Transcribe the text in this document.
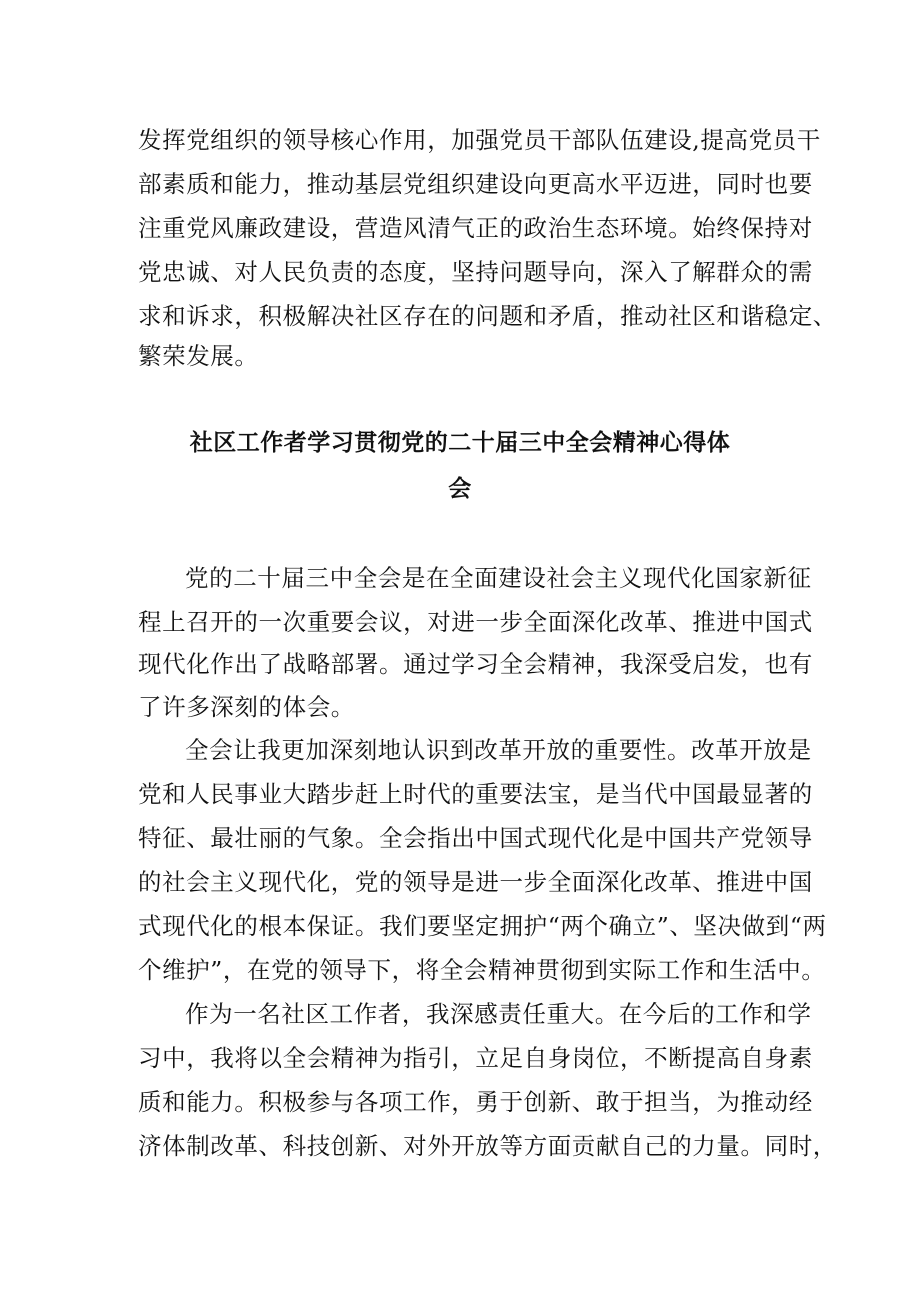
发挥党组织的领导核心作用，加强党员干部队伍建设,提高党员干
部素质和能力，推动基层党组织建设向更高水平迈进，同时也要
注重党风廉政建设，营造风清气正的政治生态环境。始终保持对
党忠诚、对人民负责的态度，坚持问题导向，深入了解群众的需
求和诉求，积极解决社区存在的问题和矛盾，推动社区和谐稳定、
繁荣发展。
社区工作者学习贯彻党的二十届三中全会精神心得体
会
党的二十届三中全会是在全面建设社会主义现代化国家新征
程上召开的一次重要会议，对进一步全面深化改革、推进中国式
现代化作出了战略部署。通过学习全会精神，我深受启发，也有
了许多深刻的体会。
全会让我更加深刻地认识到改革开放的重要性。改革开放是
党和人民事业大踏步赶上时代的重要法宝，是当代中国最显著的
特征、最壮丽的气象。全会指出中国式现代化是中国共产党领导
的社会主义现代化，党的领导是进一步全面深化改革、推进中国
式现代化的根本保证。我们要坚定拥护“两个确立”、坚决做到“两
个维护”，在党的领导下，将全会精神贯彻到实际工作和生活中。
作为一名社区工作者，我深感责任重大。在今后的工作和学
习中，我将以全会精神为指引，立足自身岗位，不断提高自身素
质和能力。积极参与各项工作，勇于创新、敢于担当，为推动经
济体制改革、科技创新、对外开放等方面贡献自己的力量。同时，
